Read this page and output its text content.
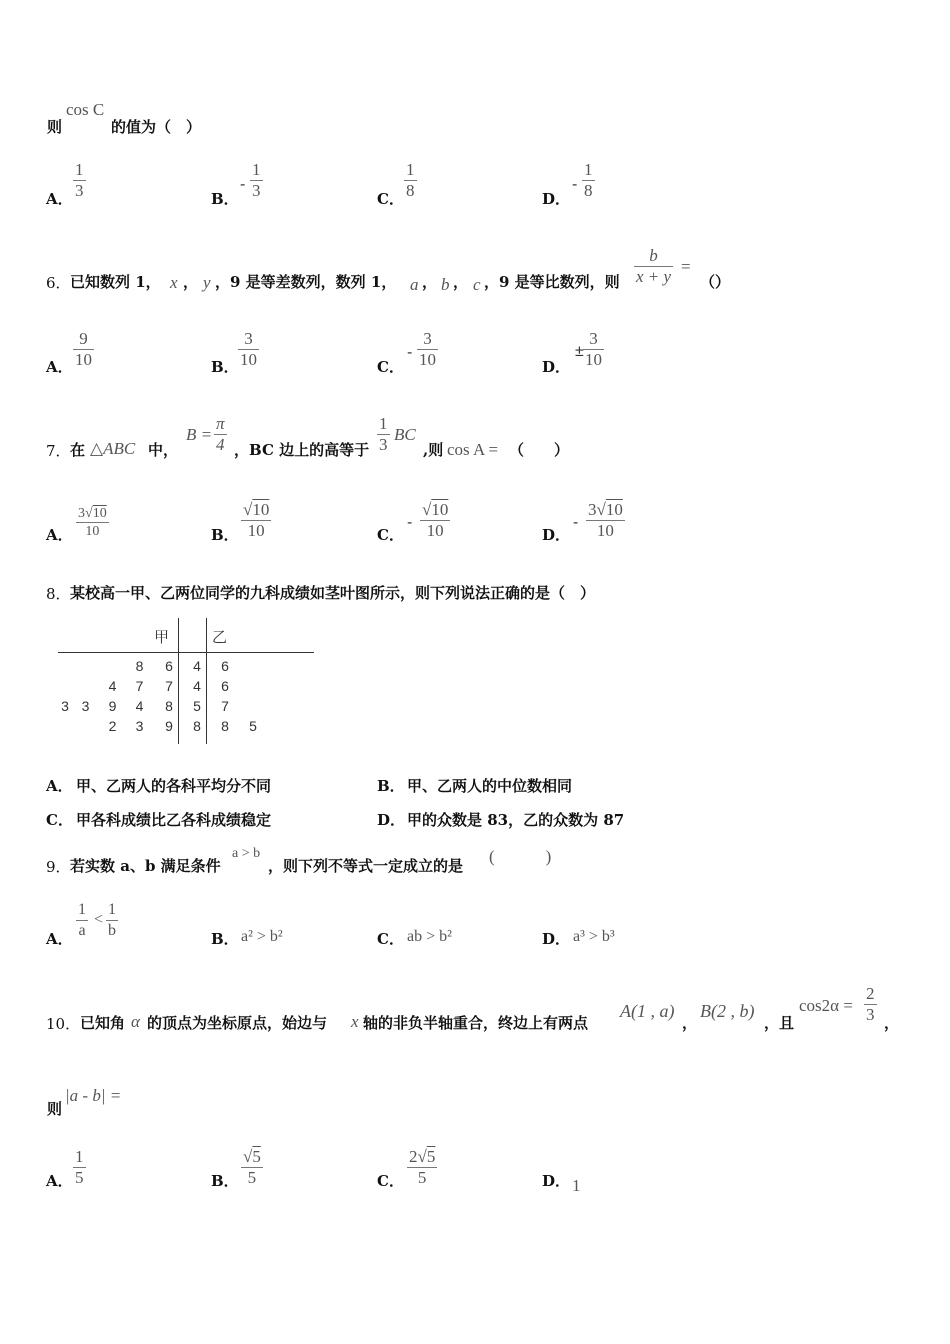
则
cos C
的值为（　）
A． $\frac{1}{3}$	B．
- $\frac{1}{3}$	C． $\frac{1}{8}$	D．
- $\frac{1}{8}$
6． 已知数列 1， x ， y ，9 是等差数列，数列 1， a ， b ， c ，9 是等比数列，则 $\frac{b}{x + y}$ =
（）
A． $\frac{9}{10}$	B． $\frac{3}{10}$	C．
- $\frac{3}{10}$	D．
± $\frac{3}{10}$
7． 在 △ABC 中，
$B = \frac{\pi}{4}$ ，BC 边上的高等于 $\frac{1}{3}$ BC
,则 cos A = （　　）
A． $\frac{3√10}{10}$	B． $\frac{√10}{10}$	C．
- $\frac{√10}{10}$	D．
- $\frac{3√10}{10}$
8． 某校高一甲、乙两位同学的九科成绩如茎叶图所示，则下列说法正确的是（　）
甲	乙
			8	6	4	6	
		4	7	7	4	6	
3	3	9	4	8	5	7	
		2	3	9	8	8	5
A． 甲、乙两人的各科平均分不同	B． 甲、乙两人的中位数相同
C． 甲各科成绩比乙各科成绩稳定	D． 甲的众数是 83，乙的众数为 87
9． 若实数 a、b 满足条件
a > b
，则下列不等式一定成立的是 (　　　)
A． $\frac{1}{a} < \frac{1}{b}$	B． a² > b²	C． ab > b²	D． a³ > b³
10． 已知角 α 的顶点为坐标原点，始边与 x 轴的非负半轴重合，终边上有两点
A(1 , a)
，
B(2 , b)
，且
$\cos 2\alpha = \frac{2}{3}$ ，
则
|a - b| =
A． $\frac{1}{5}$	B． $\frac{√5}{5}$	C． $\frac{2√5}{5}$	D． 1
